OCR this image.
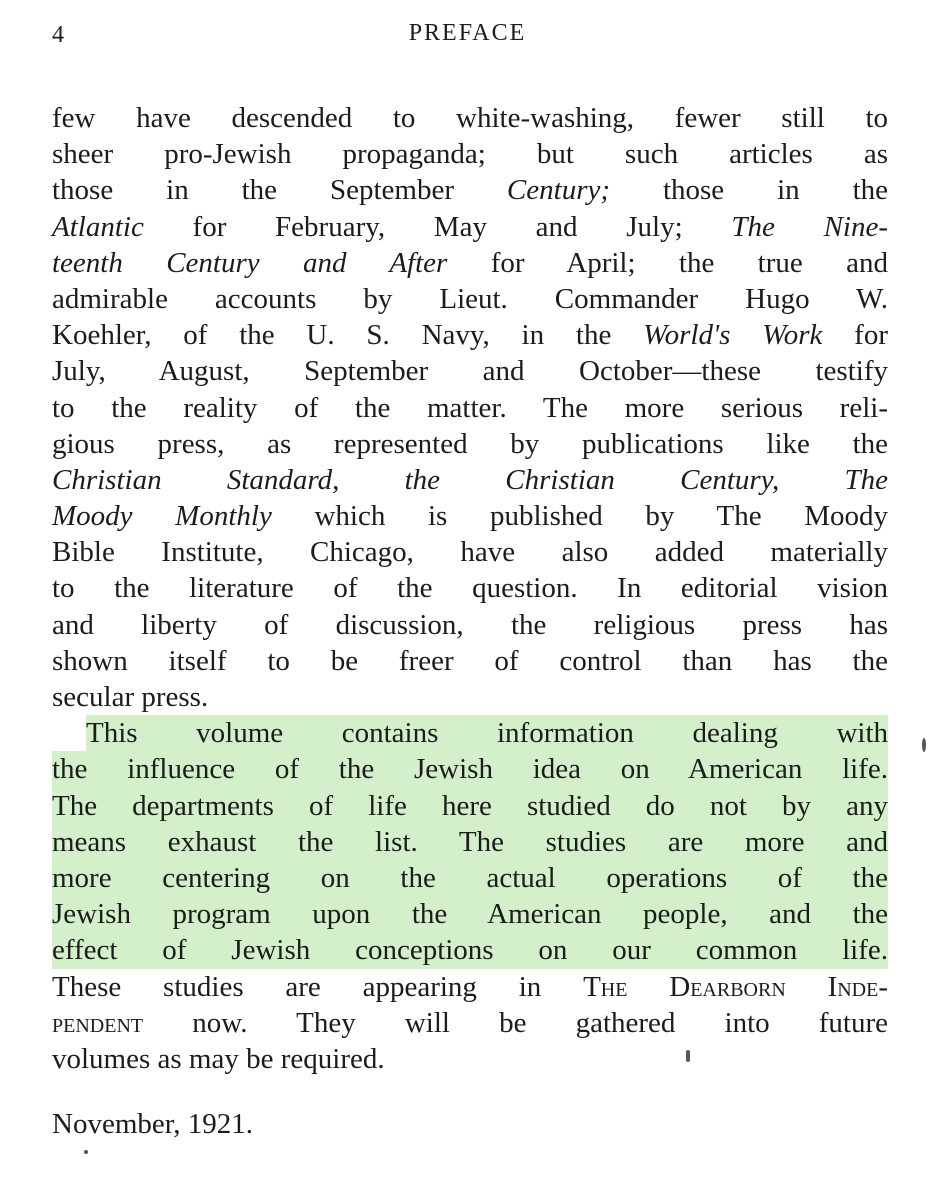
4	PREFACE
few have descended to white-washing, fewer still to
sheer pro-Jewish propaganda; but such articles as
those in the September Century; those in the
Atlantic for February, May and July; The Nine-
teenth Century and After for April; the true and
admirable accounts by Lieut. Commander Hugo W.
Koehler, of the U. S. Navy, in the World's Work for
July, August, September and October—these testify
to the reality of the matter. The more serious reli-
gious press, as represented by publications like the
Christian Standard, the Christian Century, The
Moody Monthly which is published by The Moody
Bible Institute, Chicago, have also added materially
to the literature of the question. In editorial vision
and liberty of discussion, the religious press has
shown itself to be freer of control than has the
secular press.
This volume contains information dealing with
the influence of the Jewish idea on American life.
The departments of life here studied do not by any
means exhaust the list. The studies are more and
more centering on the actual operations of the
Jewish program upon the American people, and the
effect of Jewish conceptions on our common life.
These studies are appearing in The Dearborn Inde-
pendent now. They will be gathered into future
volumes as may be required.
November, 1921.
